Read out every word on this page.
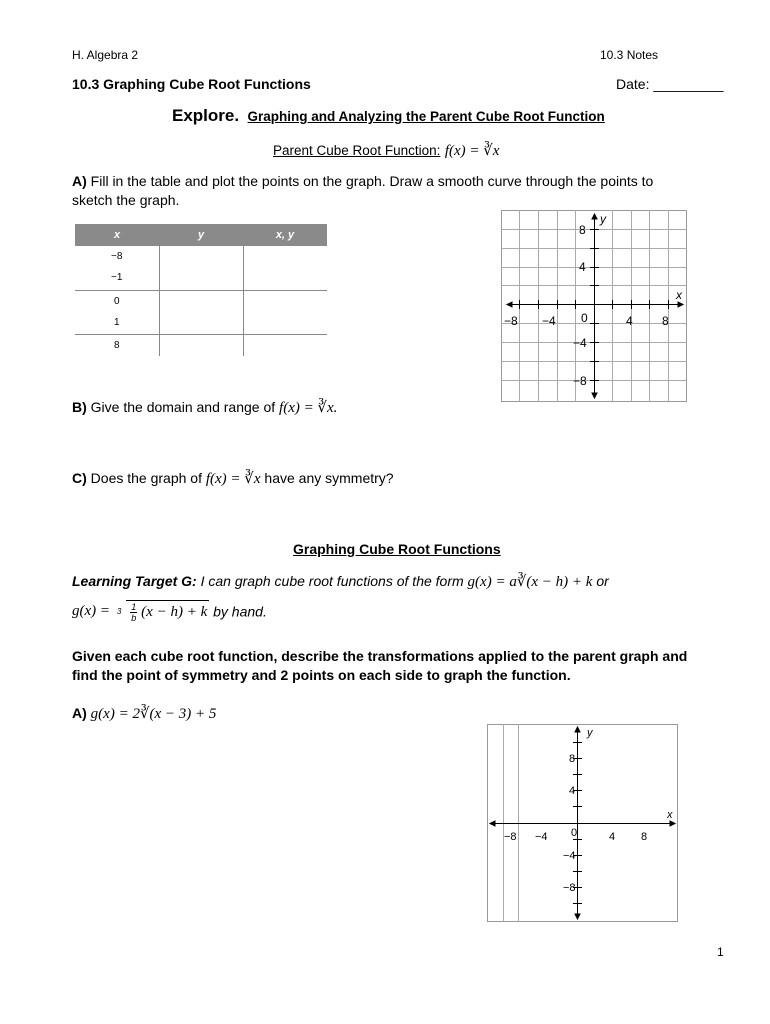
H. Algebra 2	10.3 Notes
10.3 Graphing Cube Root Functions	Date: _________
Explore. Graphing and Analyzing the Parent Cube Root Function
Parent Cube Root Function: f(x) = ∛x
A) Fill in the table and plot the points on the graph. Draw a smooth curve through the points to
sketch the graph.
x	y	x, y

−8
−1		

0
1		

8		

x
y
−8 −4 0	4 8
8
4
−4
−8
B) Give the domain and range of f(x) = ∛x.
C) Does the graph of f(x) = ∛x have any symmetry?
Graphing Cube Root Functions
Learning Target G: I can graph cube root functions of the form g(x) = a∛(x − h) + k or
$g(x) = 3 \frac{1}{b} (x - h) + k$ by hand.
Given each cube root function, describe the transformations applied to the parent graph and
find the point of symmetry and 2 points on each side to graph the function.
A) g(x) = 2∛(x − 3) + 5
x
y
−8 −4 0	4 8
8
4
−4
−8
1
